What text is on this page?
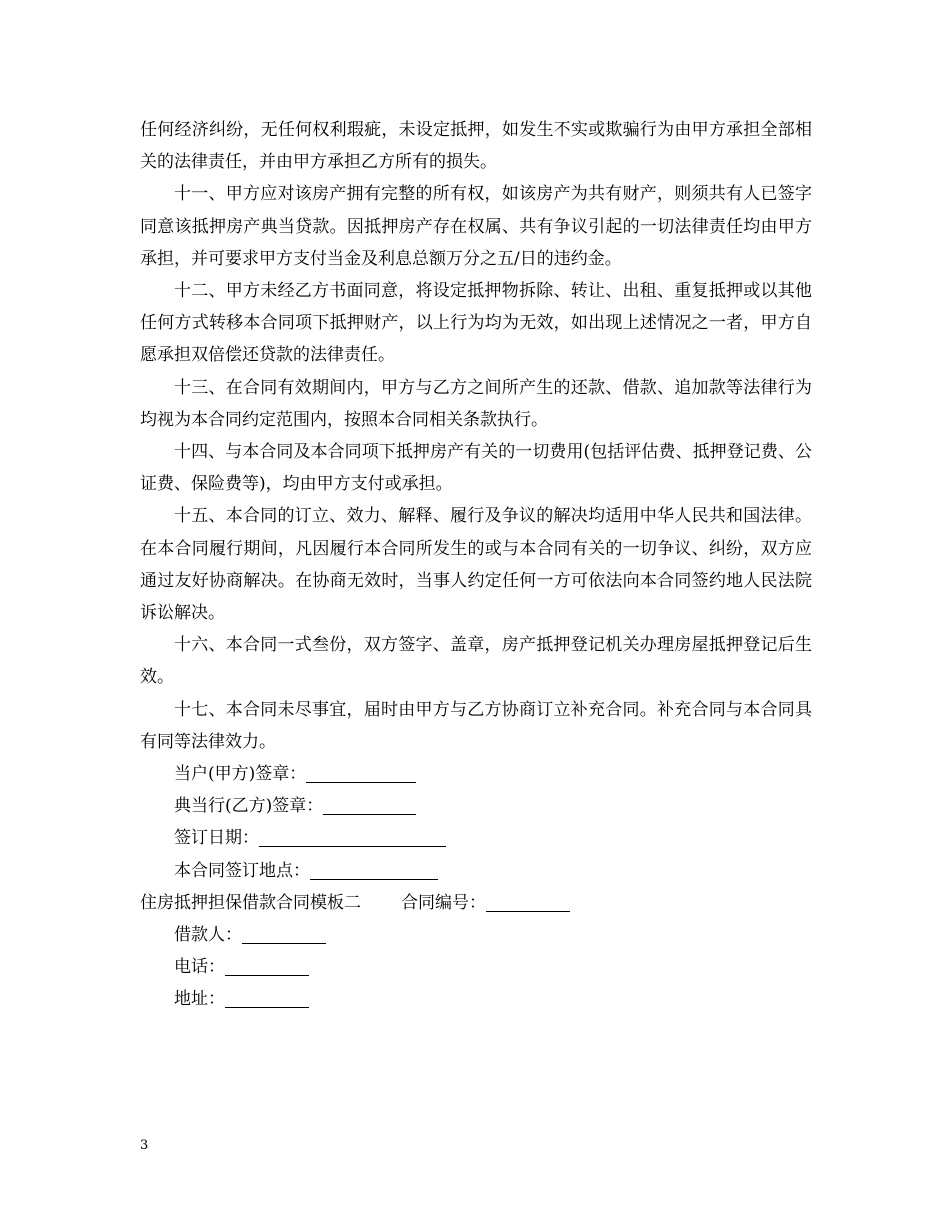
任何经济纠纷，无任何权利瑕疵，未设定抵押，如发生不实或欺骗行为由甲方承担全部相关的法律责任，并由甲方承担乙方所有的损失。

十一、甲方应对该房产拥有完整的所有权，如该房产为共有财产，则须共有人已签字同意该抵押房产典当贷款。因抵押房产存在权属、共有争议引起的一切法律责任均由甲方承担，并可要求甲方支付当金及利息总额万分之五/日的违约金。

十二、甲方未经乙方书面同意，将设定抵押物拆除、转让、出租、重复抵押或以其他任何方式转移本合同项下抵押财产，以上行为均为无效，如出现上述情况之一者，甲方自愿承担双倍偿还贷款的法律责任。

十三、在合同有效期间内，甲方与乙方之间所产生的还款、借款、追加款等法律行为均视为本合同约定范围内，按照本合同相关条款执行。

十四、与本合同及本合同项下抵押房产有关的一切费用(包括评估费、抵押登记费、公证费、保险费等)，均由甲方支付或承担。

十五、本合同的订立、效力、解释、履行及争议的解决均适用中华人民共和国法律。在本合同履行期间，凡因履行本合同所发生的或与本合同有关的一切争议、纠纷，双方应通过友好协商解决。在协商无效时，当事人约定任何一方可依法向本合同签约地人民法院诉讼解决。

十六、本合同一式叁份，双方签字、盖章，房产抵押登记机关办理房屋抵押登记后生效。

十七、本合同未尽事宜，届时由甲方与乙方协商订立补充合同。补充合同与本合同具有同等法律效力。

当户(甲方)签章：
典当行(乙方)签章：
签订日期：
本合同签订地点：
住房抵押担保借款合同模板二 合同编号：
借款人：
电话：
地址：
3
